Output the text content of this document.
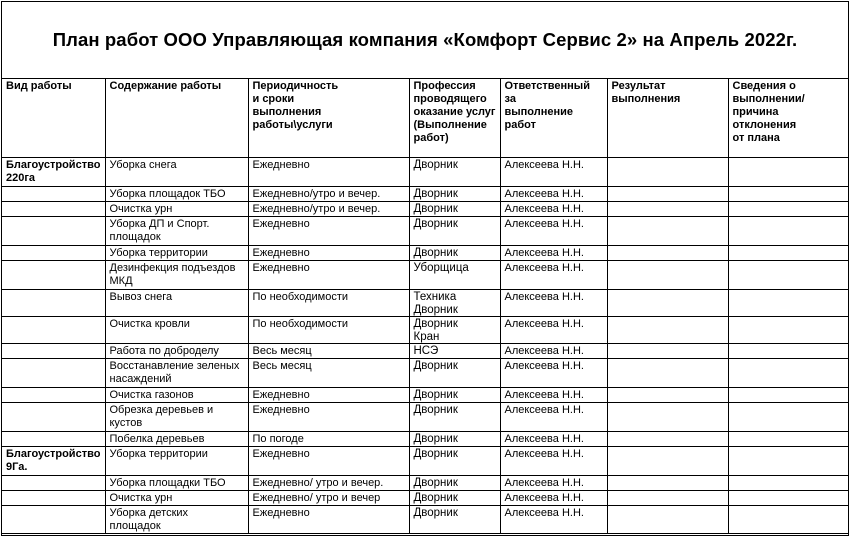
План работ ООО Управляющая компания «Комфорт Сервис 2» на Апрель 2022г.
Вид работы	Содержание работы	Периодичность
и сроки
выполнения
работы\услуги	Профессия
проводящего
оказание услуг
(Выполнение
работ)	Ответственный за
выполнение работ	Результат
выполнения	Сведения о
выполнении/
причина отклонения
от плана

Благоустройство
220га	Уборка снега	Ежедневно	Дворник	Алексеева Н.Н.		
	Уборка площадок ТБО	Ежедневно/утро и вечер.	Дворник	Алексеева Н.Н.		
	Очистка урн	Ежедневно/утро и вечер.	Дворник	Алексеева Н.Н.		
	Уборка ДП и Спорт.
площадок	Ежедневно	Дворник	Алексеева Н.Н.		
	Уборка территории	Ежедневно	Дворник	Алексеева Н.Н.		
	Дезинфекция подъездов
МКД	Ежедневно	Уборщица	Алексеева Н.Н.		
	Вывоз снега	По необходимости	Техника
Дворник	Алексеева Н.Н.		
	Очистка кровли	По необходимости	Дворник
Кран	Алексеева Н.Н.		
	Работа по доброделу	Весь месяц	НСЭ	Алексеева Н.Н.		
	Восстанавление зеленых
насаждений	Весь месяц	Дворник	Алексеева Н.Н.		
	Очистка газонов	Ежедневно	Дворник	Алексеева Н.Н.		
	Обрезка деревьев и
кустов	Ежедневно	Дворник	Алексеева Н.Н.		
	Побелка деревьев	По погоде	Дворник	Алексеева Н.Н.		
Благоустройство
9Га.	Уборка территории	Ежедневно	Дворник	Алексеева Н.Н.		
	Уборка площадки ТБО	Ежедневно/ утро и вечер.	Дворник	Алексеева Н.Н.		
	Очистка урн	Ежедневно/ утро и вечер	Дворник	Алексеева Н.Н.		
	Уборка детских
площадок	Ежедневно	Дворник	Алексеева Н.Н.		
